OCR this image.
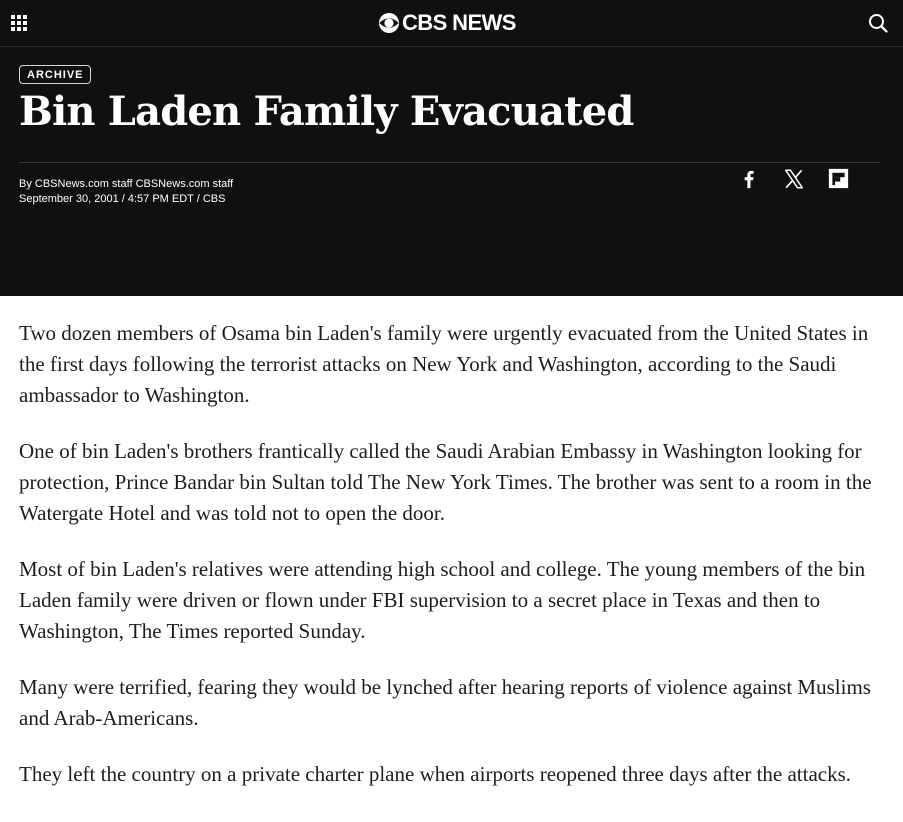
CBS NEWS
ARCHIVE
Bin Laden Family Evacuated
By CBSNews.com staff CBSNews.com staff
September 30, 2001 / 4:57 PM EDT / CBS

Two dozen members of Osama bin Laden's family were urgently evacuated from the United States in the first days following the terrorist attacks on New York and Washington, according to the Saudi ambassador to Washington.

One of bin Laden's brothers frantically called the Saudi Arabian Embassy in Washington looking for protection, Prince Bandar bin Sultan told The New York Times. The brother was sent to a room in the Watergate Hotel and was told not to open the door.

Most of bin Laden's relatives were attending high school and college. The young members of the bin Laden family were driven or flown under FBI supervision to a secret place in Texas and then to Washington, The Times reported Sunday.

Many were terrified, fearing they would be lynched after hearing reports of violence against Muslims and Arab-Americans.

They left the country on a private charter plane when airports reopened three days after the attacks.
